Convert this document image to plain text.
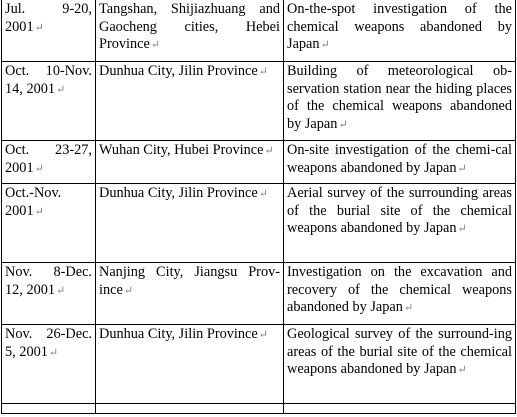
Jul. 9-20, 2001↵	Tangshan, Shijiazhuang and Gaocheng cities, Hebei Province↵	On-the-spot investigation of the chemical weapons abandoned by Japan↵
Oct. 10-Nov. 14, 2001↵	Dunhua City, Jilin Province↵	Building of meteorological ob-servation station near the hiding places of the chemical weapons abandoned by Japan↵
Oct. 23-27, 2001↵	Wuhan City, Hubei Province↵	On-site investigation of the chemi-cal weapons abandoned by Japan↵
Oct.-Nov. 2001↵	Dunhua City, Jilin Province↵	Aerial survey of the surrounding areas of the burial site of the chemical weapons abandoned by Japan↵
Nov. 8-Dec. 12, 2001↵	Nanjing City, Jiangsu Prov-ince↵	Investigation on the excavation and recovery of the chemical weapons abandoned by Japan↵
Nov. 26-Dec. 5, 2001↵	Dunhua City, Jilin Province↵	Geological survey of the surround-ing areas of the burial site of the chemical weapons abandoned by Japan↵
